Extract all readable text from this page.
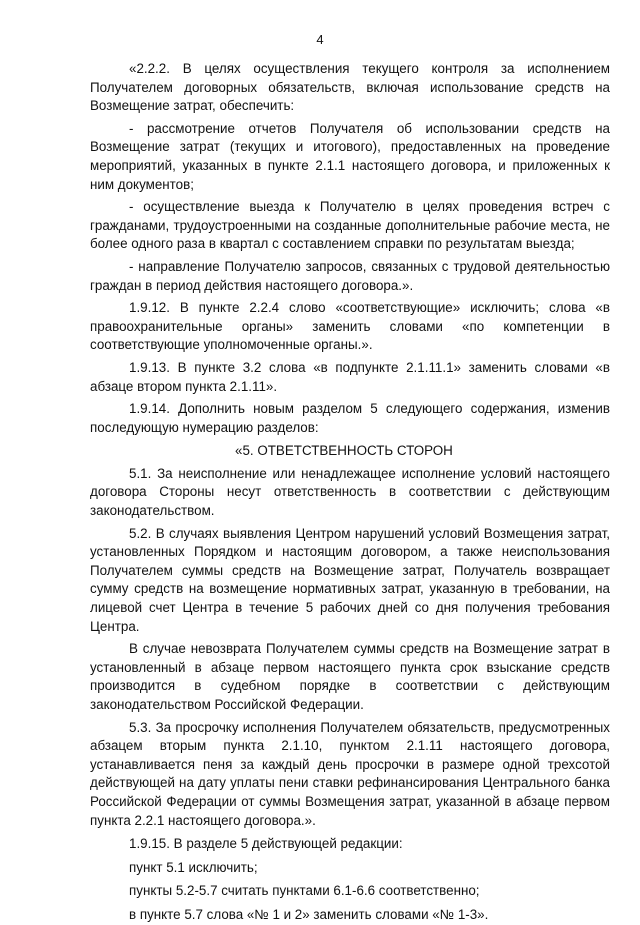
4

«2.2.2. В целях осуществления текущего контроля за исполнением Получателем договорных обязательств, включая использование средств на Возмещение затрат, обеспечить:

- рассмотрение отчетов Получателя об использовании средств на Возмещение затрат (текущих и итогового), предоставленных на проведение мероприятий, указанных в пункте 2.1.1 настоящего договора, и приложенных к ним документов;

- осуществление выезда к Получателю в целях проведения встреч с гражданами, трудоустроенными на созданные дополнительные рабочие места, не более одного раза в квартал с составлением справки по результатам выезда;

- направление Получателю запросов, связанных с трудовой деятельностью граждан в период действия настоящего договора.».

1.9.12. В пункте 2.2.4 слово «соответствующие» исключить; слова «в правоохранительные органы» заменить словами «по компетенции в соответствующие уполномоченные органы.».

1.9.13. В пункте 3.2 слова «в подпункте 2.1.11.1» заменить словами «в абзаце втором пункта 2.1.11».

1.9.14. Дополнить новым разделом 5 следующего содержания, изменив последующую нумерацию разделов:

«5. ОТВЕТСТВЕННОСТЬ СТОРОН

5.1. За неисполнение или ненадлежащее исполнение условий настоящего договора Стороны несут ответственность в соответствии с действующим законодательством.

5.2. В случаях выявления Центром нарушений условий Возмещения затрат, установленных Порядком и настоящим договором, а также неиспользования Получателем суммы средств на Возмещение затрат, Получатель возвращает сумму средств на возмещение нормативных затрат, указанную в требовании, на лицевой счет Центра в течение 5 рабочих дней со дня получения требования Центра.

В случае невозврата Получателем суммы средств на Возмещение затрат в установленный в абзаце первом настоящего пункта срок взыскание средств производится в судебном порядке в соответствии с действующим законодательством Российской Федерации.

5.3. За просрочку исполнения Получателем обязательств, предусмотренных абзацем вторым пункта 2.1.10, пунктом 2.1.11 настоящего договора, устанавливается пеня за каждый день просрочки в размере одной трехсотой действующей на дату уплаты пени ставки рефинансирования Центрального банка Российской Федерации от суммы Возмещения затрат, указанной в абзаце первом пункта 2.2.1 настоящего договора.».

1.9.15. В разделе 5 действующей редакции:

пункт 5.1 исключить;

пункты 5.2-5.7 считать пунктами 6.1-6.6 соответственно;

в пункте 5.7 слова «№ 1 и 2» заменить словами «№ 1-3».
